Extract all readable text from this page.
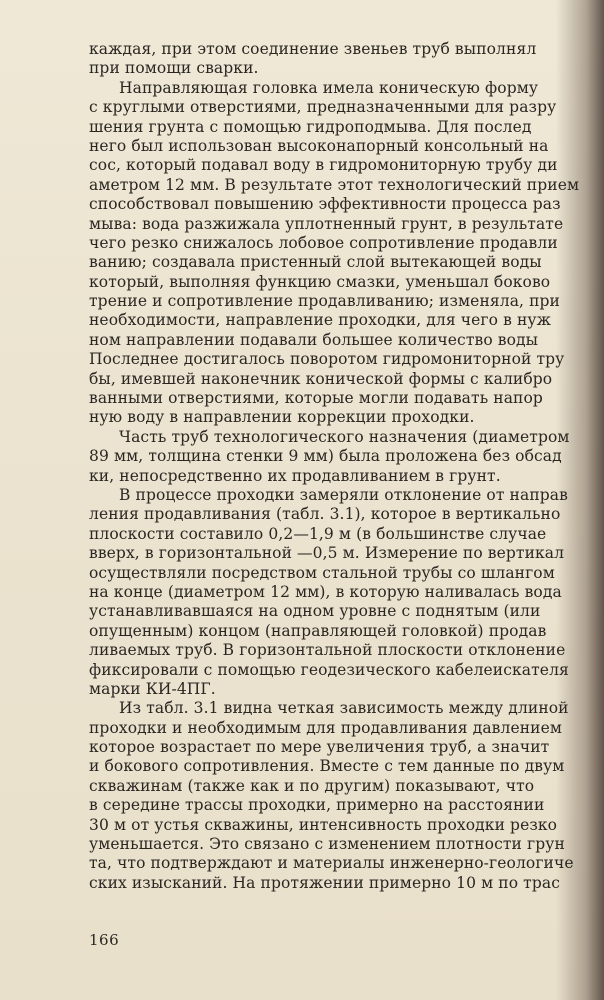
каждая, при этом соединение звеньев труб выполнял
при помощи сварки.
Направляющая головка имела коническую форму
с круглыми отверстиями, предназначенными для разру
шения грунта с помощью гидроподмыва. Для послед
него был использован высоконапорный консольный на
сос, который подавал воду в гидромониторную трубу ди
аметром 12 мм. В результате этот технологический прием
способствовал повышению эффективности процесса раз
мыва: вода разжижала уплотненный грунт, в результате
чего резко снижалось лобовое сопротивление продавли
ванию; создавала пристенный слой вытекающей воды
который, выполняя функцию смазки, уменьшал боково
трение и сопротивление продавливанию; изменяла, при
необходимости, направление проходки, для чего в нуж
ном направлении подавали большее количество воды
Последнее достигалось поворотом гидромониторной тру
бы, имевшей наконечник конической формы с калибро
ванными отверстиями, которые могли подавать напор
ную воду в направлении коррекции проходки.
Часть труб технологического назначения (диаметром
89 мм, толщина стенки 9 мм) была проложена без обсад
ки, непосредственно их продавливанием в грунт.
В процессе проходки замеряли отклонение от направ
ления продавливания (табл. 3.1), которое в вертикально
плоскости составило 0,2—1,9 м (в большинстве случае
вверх, в горизонтальной —0,5 м. Измерение по вертикал
осуществляли посредством стальной трубы со шлангом
на конце (диаметром 12 мм), в которую наливалась вода
устанавливавшаяся на одном уровне с поднятым (или
опущенным) концом (направляющей головкой) продав
ливаемых труб. В горизонтальной плоскости отклонение
фиксировали с помощью геодезического кабелеискателя
марки КИ-4ПГ.
Из табл. 3.1 видна четкая зависимость между длиной
проходки и необходимым для продавливания давлением
которое возрастает по мере увеличения труб, а значит
и бокового сопротивления. Вместе с тем данные по двум
скважинам (также как и по другим) показывают, что
в середине трассы проходки, примерно на расстоянии
30 м от устья скважины, интенсивность проходки резко
уменьшается. Это связано с изменением плотности грун
та, что подтверждают и материалы инженерно-геологиче
ских изысканий. На протяжении примерно 10 м по трас
166
